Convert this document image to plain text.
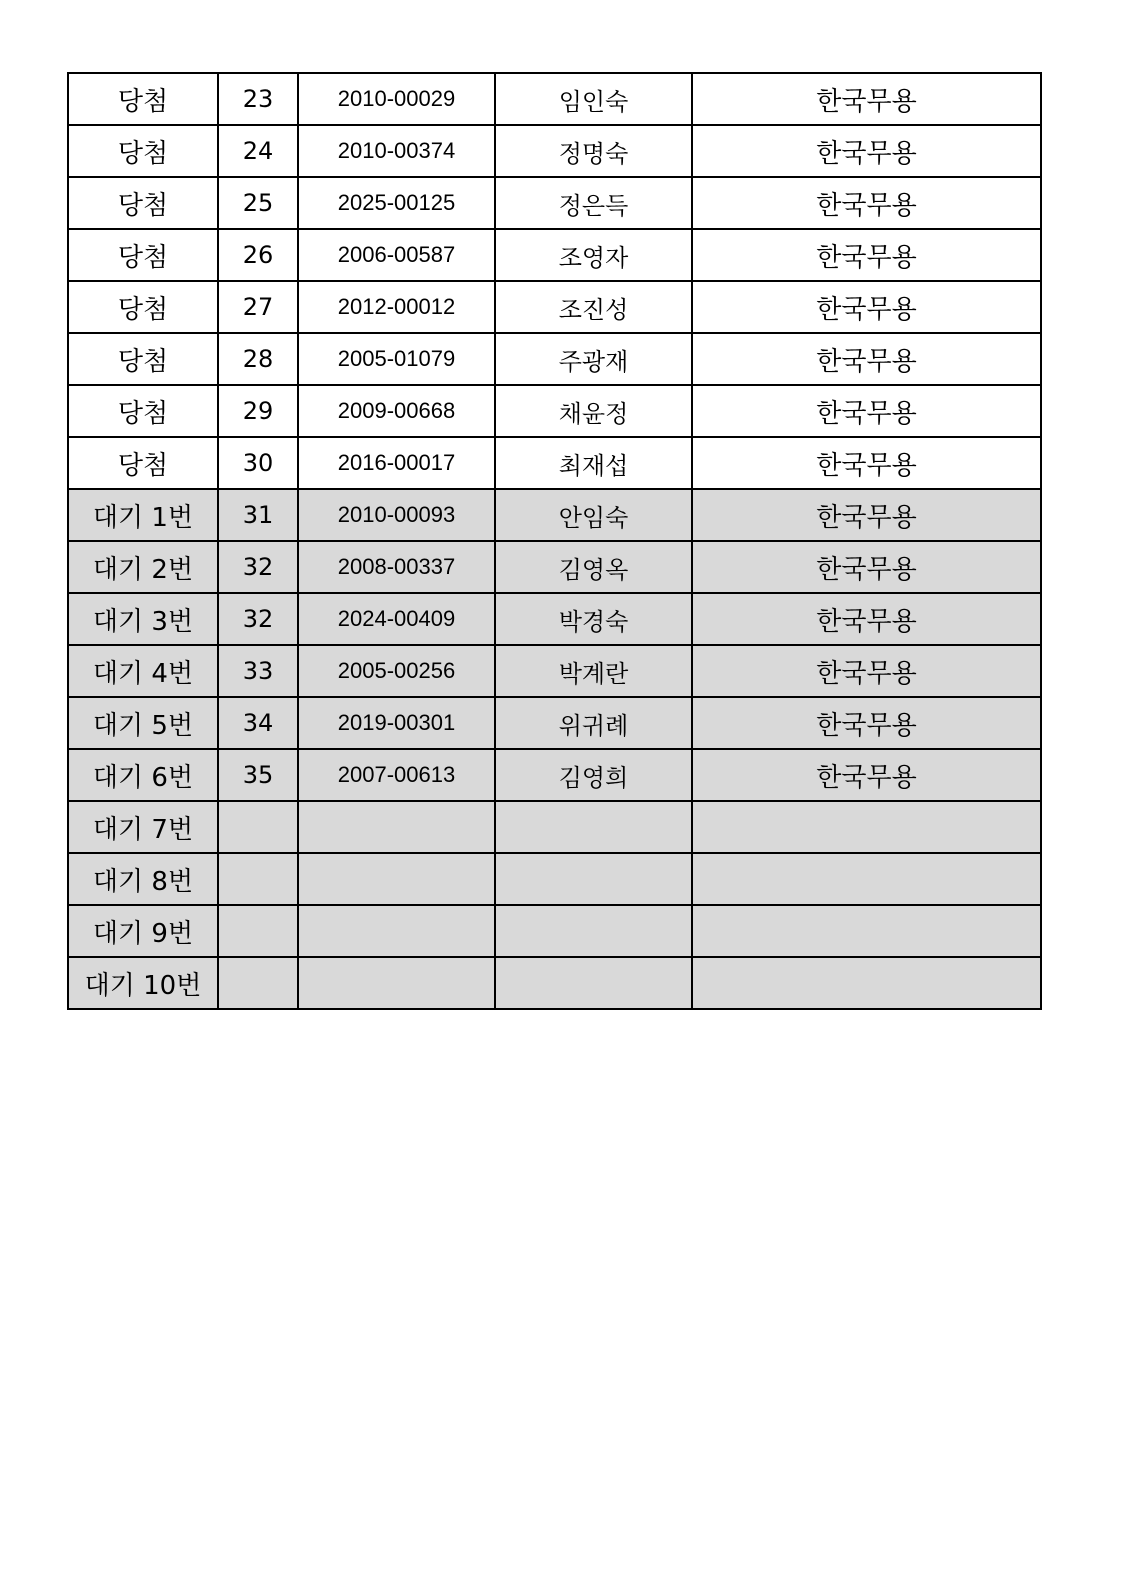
당첨	23	2010-00029	임인숙	한국무용
당첨	24	2010-00374	정명숙	한국무용
당첨	25	2025-00125	정은득	한국무용
당첨	26	2006-00587	조영자	한국무용
당첨	27	2012-00012	조진성	한국무용
당첨	28	2005-01079	주광재	한국무용
당첨	29	2009-00668	채윤정	한국무용
당첨	30	2016-00017	최재섭	한국무용
대기 1번	31	2010-00093	안임숙	한국무용
대기 2번	32	2008-00337	김영옥	한국무용
대기 3번	32	2024-00409	박경숙	한국무용
대기 4번	33	2005-00256	박계란	한국무용
대기 5번	34	2019-00301	위귀례	한국무용
대기 6번	35	2007-00613	김영희	한국무용
대기 7번				
대기 8번				
대기 9번				
대기 10번				
